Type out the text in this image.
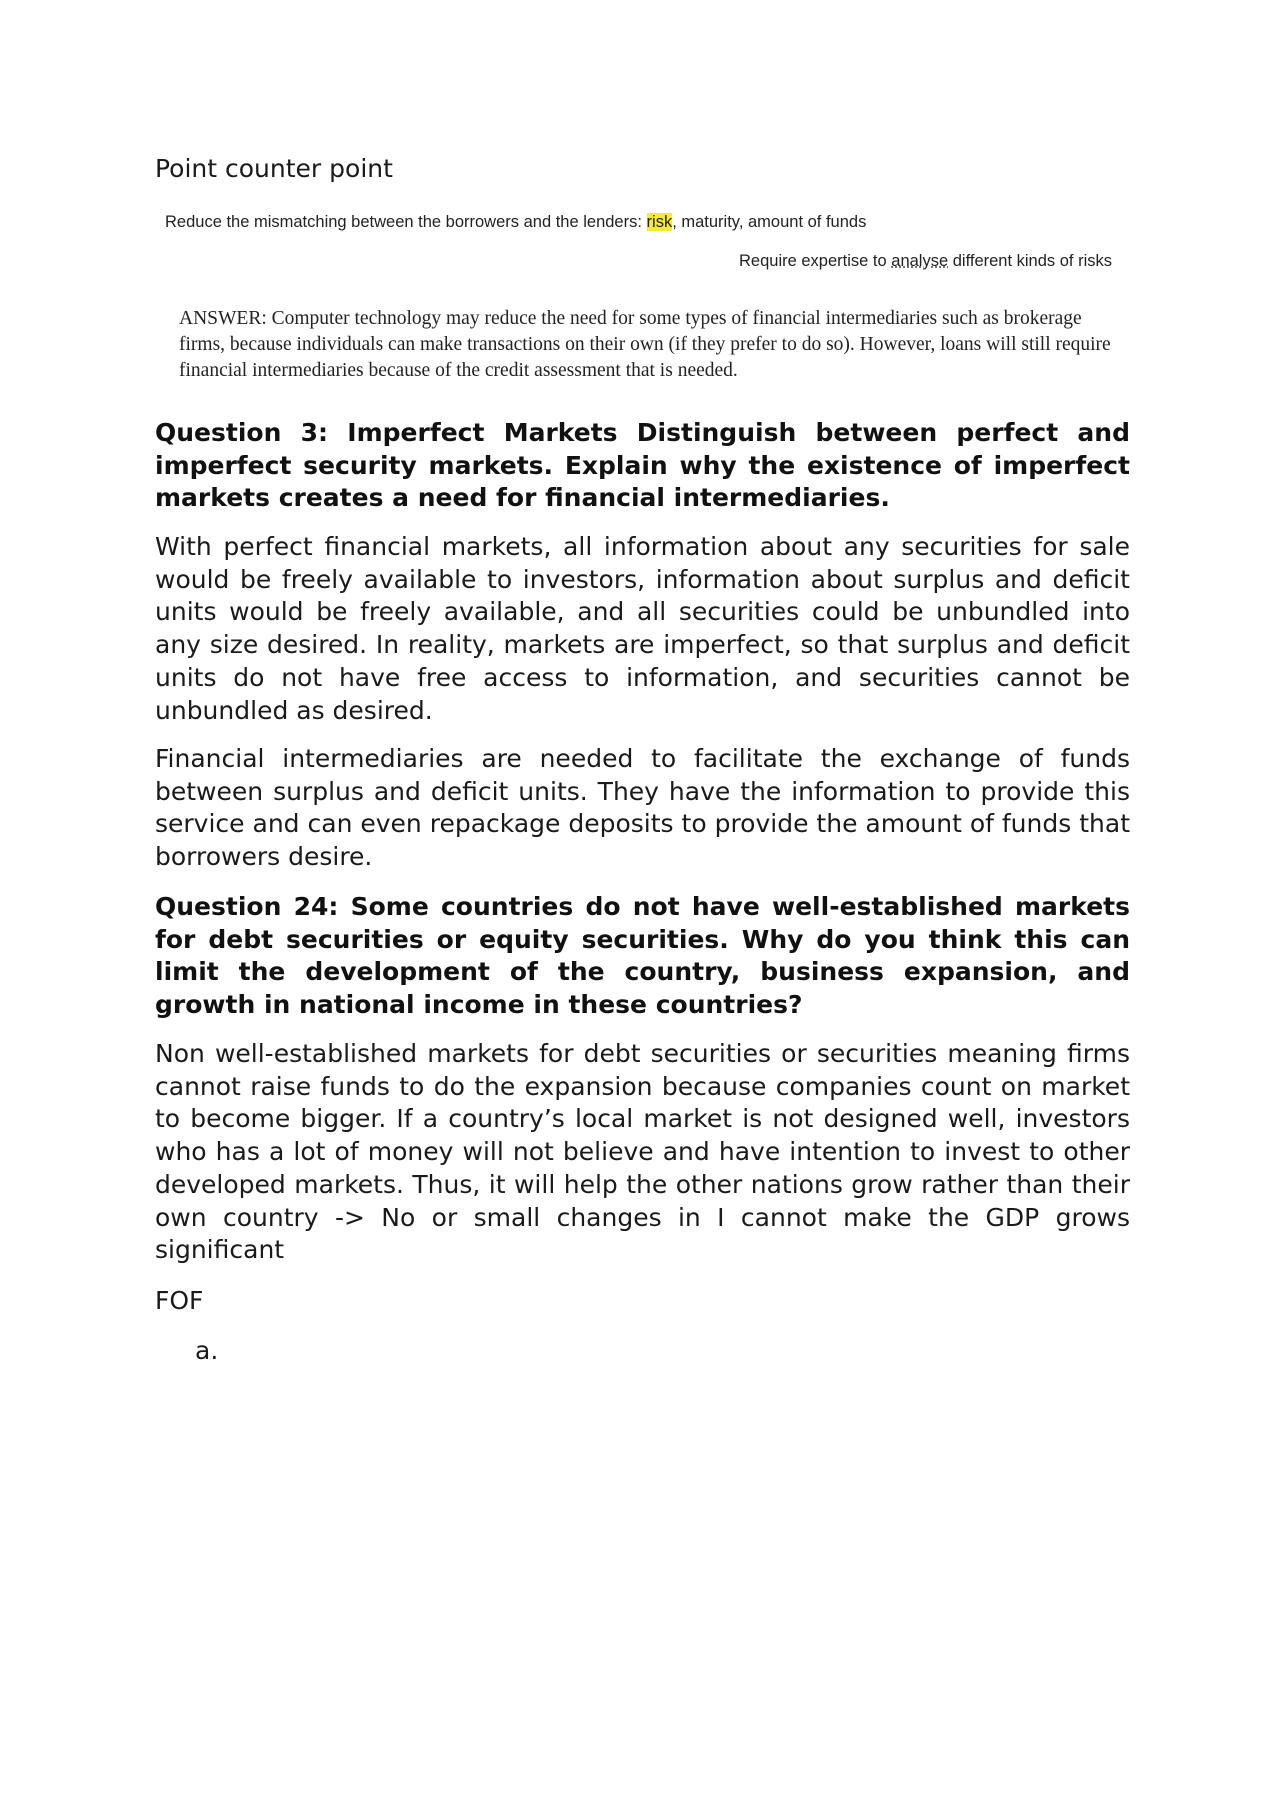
Point counter point
Reduce the mismatching between the borrowers and the lenders: risk, maturity, amount of funds
Require expertise to analyse different kinds of risks
ANSWER: Computer technology may reduce the need for some types of financial intermediaries such as brokerage firms, because individuals can make transactions on their own (if they prefer to do so). However, loans will still require financial intermediaries because of the credit assessment that is needed.

Question 3: Imperfect Markets Distinguish between perfect and imperfect security markets. Explain why the existence of imperfect markets creates a need for financial intermediaries.

With perfect financial markets, all information about any securities for sale would be freely available to investors, information about surplus and deficit units would be freely available, and all securities could be unbundled into any size desired. In reality, markets are imperfect, so that surplus and deficit units do not have free access to information, and securities cannot be unbundled as desired.

Financial intermediaries are needed to facilitate the exchange of funds between surplus and deficit units. They have the information to provide this service and can even repackage deposits to provide the amount of funds that borrowers desire.

Question 24: Some countries do not have well-established markets for debt securities or equity securities. Why do you think this can limit the development of the country, business expansion, and growth in national income in these countries?

Non well-established markets for debt securities or securities meaning firms cannot raise funds to do the expansion because companies count on market to become bigger. If a country’s local market is not designed well, investors who has a lot of money will not believe and have intention to invest to other developed markets. Thus, it will help the other nations grow rather than their own country -> No or small changes in I cannot make the GDP grows significant

FOF
a.
